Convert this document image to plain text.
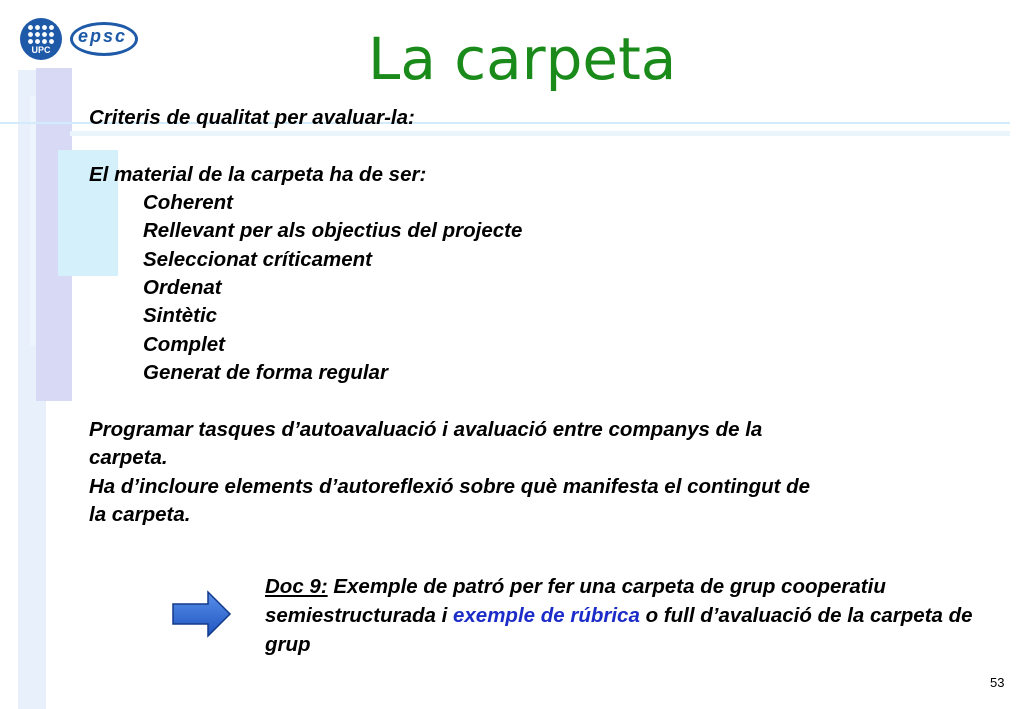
UPC
epsc	La carpeta
Criteris de qualitat per avaluar-la:
El material de la carpeta ha de ser:
Coherent
Rellevant per als objectius del projecte
Seleccionat críticament
Ordenat
Sintètic
Complet
Generat de forma regular
Programar tasques d’autoavaluació i avaluació entre companys de la
carpeta.
Ha d’incloure elements d’autoreflexió sobre què manifesta el contingut de
la carpeta.
Doc 9: Exemple de patró per fer una carpeta de grup cooperatiu semiestructurada i exemple de rúbrica o full d’avaluació de la carpeta de grup
53
